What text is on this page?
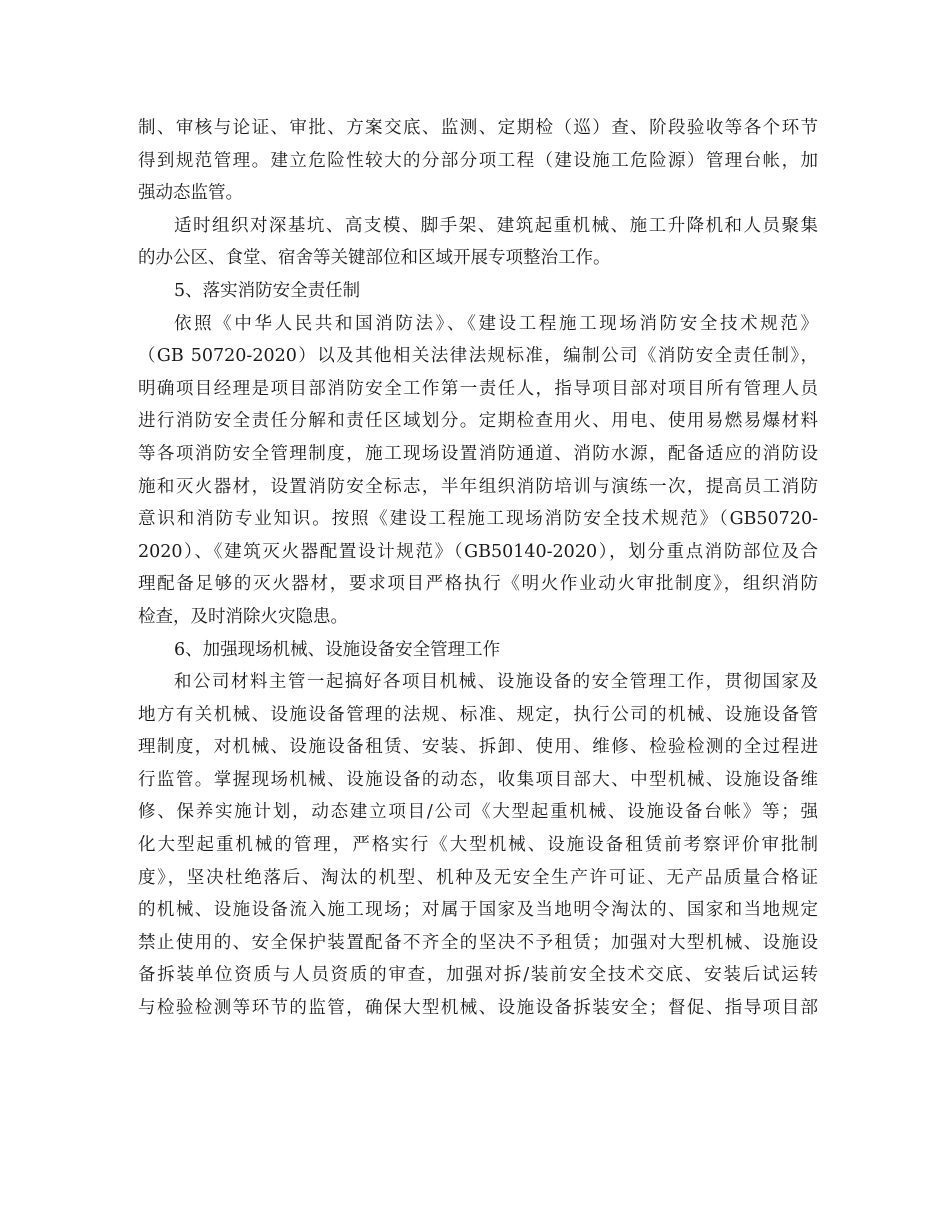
制、审核与论证、审批、方案交底、监测、定期检（巡）查、阶段验收等各个环节
得到规范管理。建立危险性较大的分部分项工程（建设施工危险源）管理台帐，加
强动态监管。
适时组织对深基坑、高支模、脚手架、建筑起重机械、施工升降机和人员聚集
的办公区、食堂、宿舍等关键部位和区域开展专项整治工作。
5、落实消防安全责任制
依照《中华人民共和国消防法》、《建设工程施工现场消防安全技术规范》
（GB 50720-2020）以及其他相关法律法规标准，编制公司《消防安全责任制》，
明确项目经理是项目部消防安全工作第一责任人，指导项目部对项目所有管理人员
进行消防安全责任分解和责任区域划分。定期检查用火、用电、使用易燃易爆材料
等各项消防安全管理制度，施工现场设置消防通道、消防水源，配备适应的消防设
施和灭火器材，设置消防安全标志，半年组织消防培训与演练一次，提高员工消防
意识和消防专业知识。按照《建设工程施工现场消防安全技术规范》（GB50720-
2020）、《建筑灭火器配置设计规范》（GB50140-2020），划分重点消防部位及合
理配备足够的灭火器材，要求项目严格执行《明火作业动火审批制度》，组织消防
检查，及时消除火灾隐患。
6、加强现场机械、设施设备安全管理工作
和公司材料主管一起搞好各项目机械、设施设备的安全管理工作，贯彻国家及
地方有关机械、设施设备管理的法规、标准、规定，执行公司的机械、设施设备管
理制度，对机械、设施设备租赁、安装、拆卸、使用、维修、检验检测的全过程进
行监管。掌握现场机械、设施设备的动态，收集项目部大、中型机械、设施设备维
修、保养实施计划，动态建立项目/公司《大型起重机械、设施设备台帐》等；强
化大型起重机械的管理，严格实行《大型机械、设施设备租赁前考察评价审批制
度》，坚决杜绝落后、淘汰的机型、机种及无安全生产许可证、无产品质量合格证
的机械、设施设备流入施工现场；对属于国家及当地明令淘汰的、国家和当地规定
禁止使用的、安全保护装置配备不齐全的坚决不予租赁；加强对大型机械、设施设
备拆装单位资质与人员资质的审查，加强对拆/装前安全技术交底、安装后试运转
与检验检测等环节的监管，确保大型机械、设施设备拆装安全；督促、指导项目部
